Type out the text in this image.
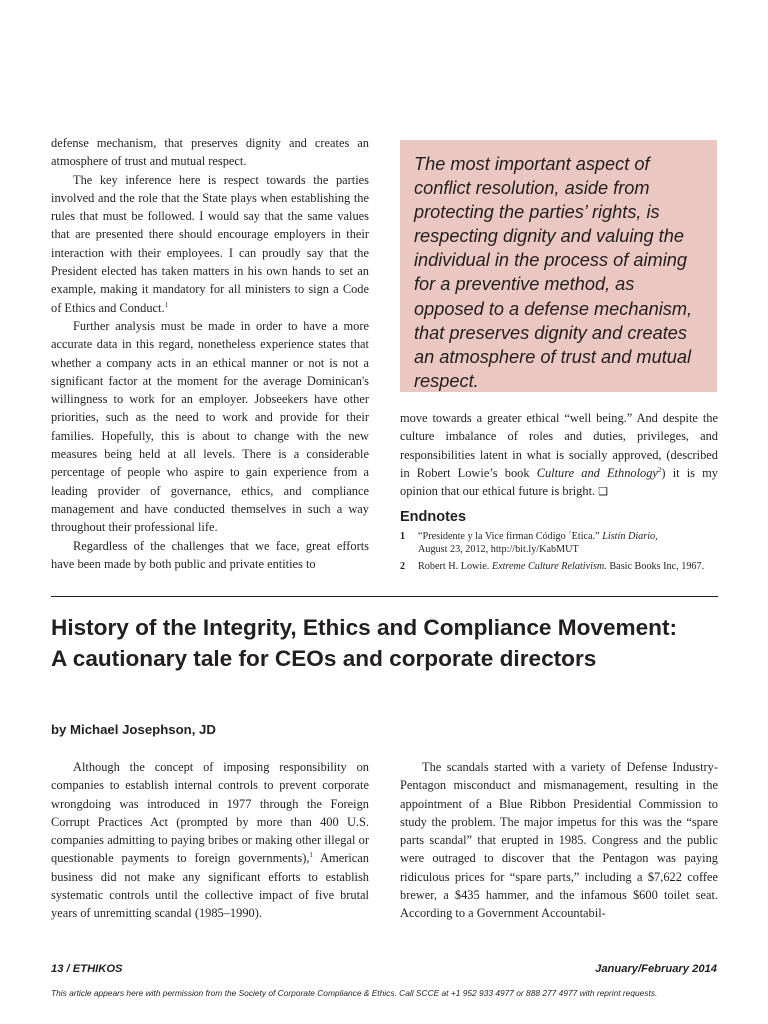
defense mechanism, that preserves dignity and creates an atmosphere of trust and mutual respect.

The key inference here is respect towards the parties involved and the role that the State plays when establishing the rules that must be followed. I would say that the same values that are presented there should encourage employers in their interaction with their employees. I can proudly say that the President elected has taken matters in his own hands to set an example, making it mandatory for all ministers to sign a Code of Ethics and Conduct.$^1$

Further analysis must be made in order to have a more accurate data in this regard, nonetheless experience states that whether a company acts in an ethical manner or not is not a significant factor at the moment for the average Dominican's willingness to work for an employer. Jobseekers have other priorities, such as the need to work and provide for their families. Hopefully, this is about to change with the new measures being held at all levels. There is a considerable percentage of people who aspire to gain experience from a leading provider of governance, ethics, and compliance management and have conducted themselves in such a way throughout their professional life.

Regardless of the challenges that we face, great efforts have been made by both public and private entities to

The most important aspect of conflict resolution, aside from protecting the parties’ rights, is respecting dignity and valuing the individual in the process of aiming for a preventive method, as opposed to a defense mechanism, that preserves dignity and creates an atmosphere of trust and mutual respect.

move towards a greater ethical “well being.” And despite the culture imbalance of roles and duties, privileges, and responsibilities latent in what is socially approved, (described in Robert Lowie’s book Culture and Ethnology$^2$) it is my opinion that our ethical future is bright. ❑

Endnotes
1 “Presidente y la Vice firman Código ´Etica.” Listín Diario,
August 23, 2012, http://bit.ly/KabMUT
2 Robert H. Lowie. Extreme Culture Relativism. Basic Books Inc, 1967.
History of the Integrity, Ethics and Compliance Movement: A cautionary tale for CEOs and corporate directors
by Michael Josephson, JD

Although the concept of imposing responsibility on companies to establish internal controls to prevent corporate wrongdoing was introduced in 1977 through the Foreign Corrupt Practices Act (prompted by more than 400 U.S. companies admitting to paying bribes or making other illegal or questionable payments to foreign governments),$^1$ American business did not make any significant efforts to establish systematic controls until the collective impact of five brutal years of unremitting scandal (1985–1990).

The scandals started with a variety of Defense Industry-Pentagon misconduct and mismanagement, resulting in the appointment of a Blue Ribbon Presidential Commission to study the problem. The major impetus for this was the “spare parts scandal” that erupted in 1985. Congress and the public were outraged to discover that the Pentagon was paying ridiculous prices for “spare parts,” including a $7,622 coffee brewer, a $435 hammer, and the infamous $600 toilet seat. According to a Government Accountabil-

13 / ETHIKOS	January/February 2014
This article appears here with permission from the Society of Corporate Compliance & Ethics. Call SCCE at +1 952 933 4977 or 888 277 4977 with reprint requests.
